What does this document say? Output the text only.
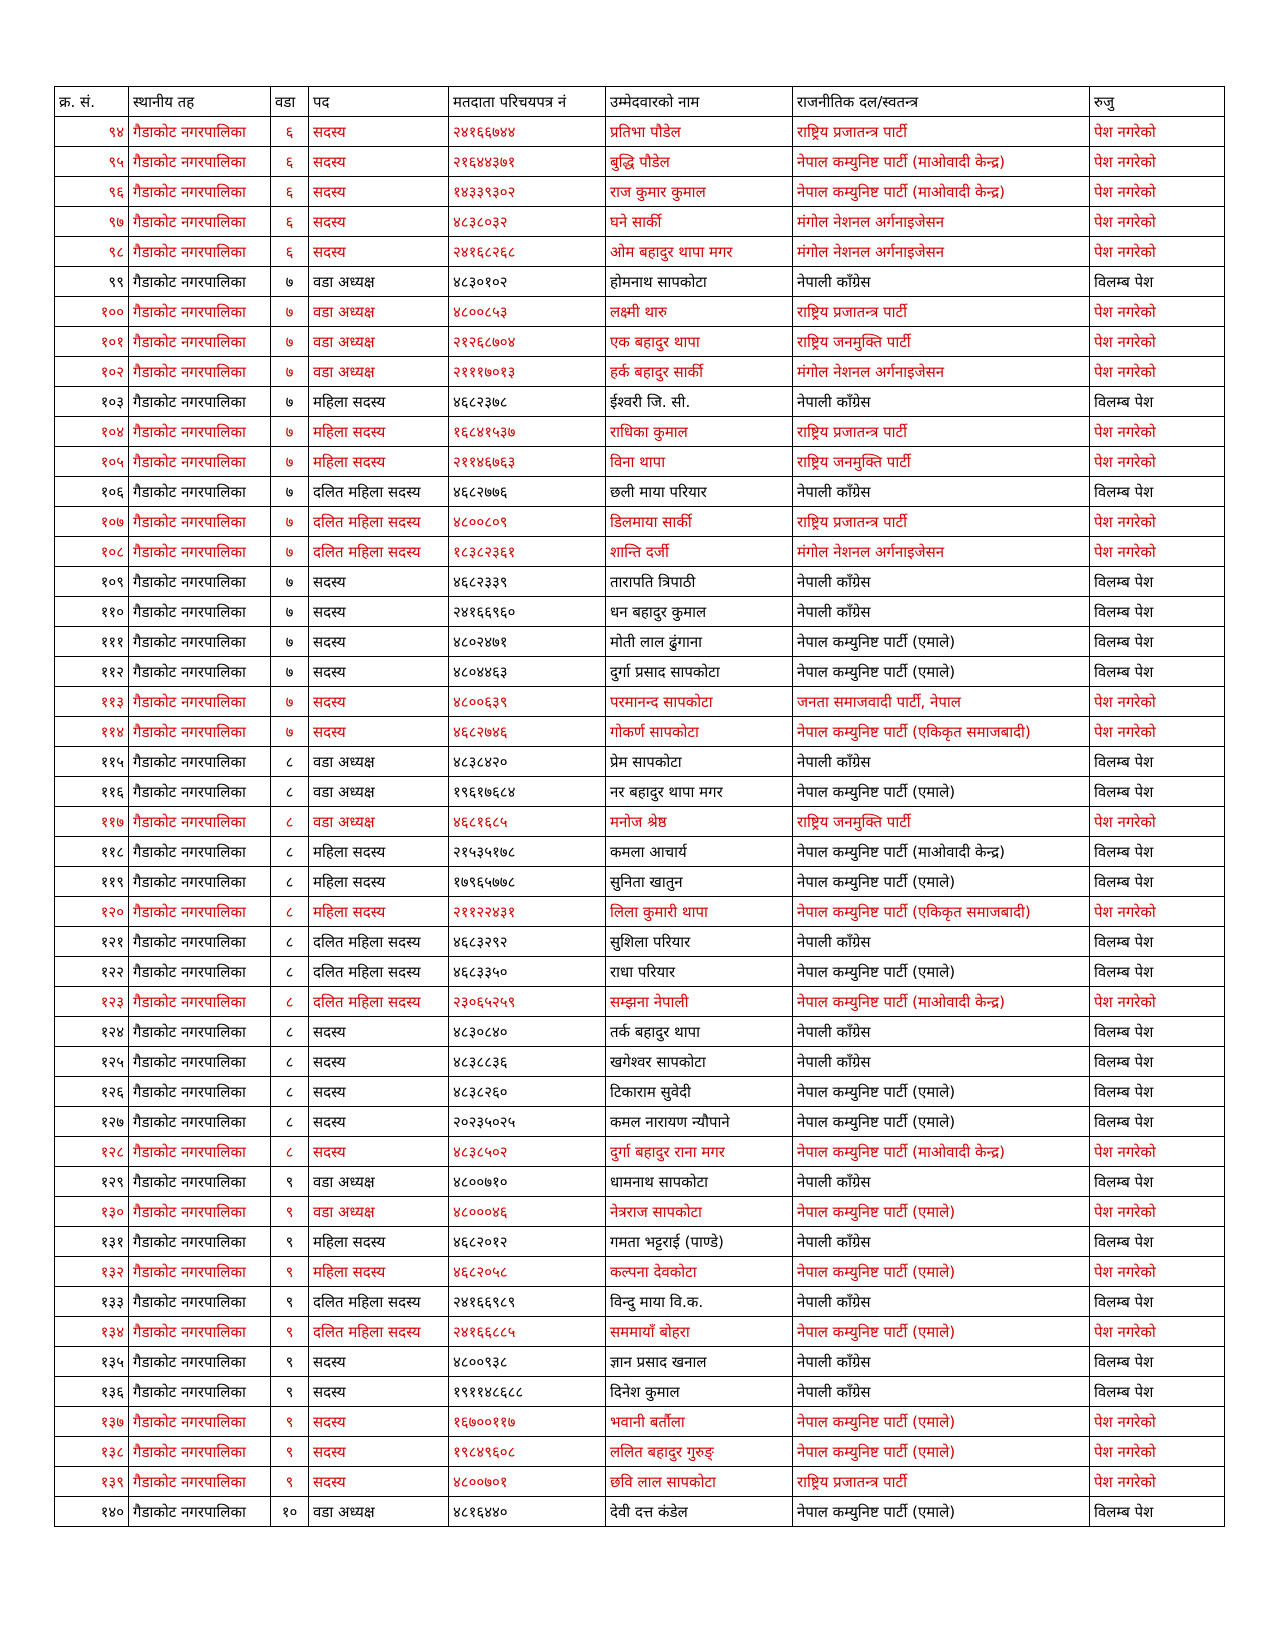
क्र. सं.	स्थानीय तह	वडा	पद	मतदाता परिचयपत्र नं	उम्मेदवारको नाम	राजनीतिक दल/स्वतन्त्र	रुजु
९४	गैडाकोट नगरपालिका	६	सदस्य	२४१६६७४४	प्रतिभा पौडेल	राष्ट्रिय प्रजातन्त्र पार्टी	पेश नगरेको
९५	गैडाकोट नगरपालिका	६	सदस्य	२१६४४३७१	बुद्धि पौडेल	नेपाल कम्युनिष्ट पार्टी (माओवादी केन्द्र)	पेश नगरेको
९६	गैडाकोट नगरपालिका	६	सदस्य	१४३३९३०२	राज कुमार कुमाल	नेपाल कम्युनिष्ट पार्टी (माओवादी केन्द्र)	पेश नगरेको
९७	गैडाकोट नगरपालिका	६	सदस्य	४८३८०३२	घने सार्की	मंगोल नेशनल अर्गनाइजेसन	पेश नगरेको
९८	गैडाकोट नगरपालिका	६	सदस्य	२४१६८२६८	ओम बहादुर थापा मगर	मंगोल नेशनल अर्गनाइजेसन	पेश नगरेको
९९	गैडाकोट नगरपालिका	७	वडा अध्यक्ष	४८३०१०२	होमनाथ सापकोटा	नेपाली काँग्रेस	विलम्ब पेश
१००	गैडाकोट नगरपालिका	७	वडा अध्यक्ष	४८००८५३	लक्ष्मी थारु	राष्ट्रिय प्रजातन्त्र पार्टी	पेश नगरेको
१०१	गैडाकोट नगरपालिका	७	वडा अध्यक्ष	२१२६८७०४	एक बहादुर थापा	राष्ट्रिय जनमुक्ति पार्टी	पेश नगरेको
१०२	गैडाकोट नगरपालिका	७	वडा अध्यक्ष	२१११७०१३	हर्क बहादुर सार्की	मंगोल नेशनल अर्गनाइजेसन	पेश नगरेको
१०३	गैडाकोट नगरपालिका	७	महिला सदस्य	४६८२३७८	ईश्वरी जि. सी.	नेपाली काँग्रेस	विलम्ब पेश
१०४	गैडाकोट नगरपालिका	७	महिला सदस्य	१६८४१५३७	राधिका कुमाल	राष्ट्रिय प्रजातन्त्र पार्टी	पेश नगरेको
१०५	गैडाकोट नगरपालिका	७	महिला सदस्य	२११४६७६३	विना थापा	राष्ट्रिय जनमुक्ति पार्टी	पेश नगरेको
१०६	गैडाकोट नगरपालिका	७	दलित महिला सदस्य	४६८२७७६	छली माया परियार	नेपाली काँग्रेस	विलम्ब पेश
१०७	गैडाकोट नगरपालिका	७	दलित महिला सदस्य	४८००८०९	डिलमाया सार्की	राष्ट्रिय प्रजातन्त्र पार्टी	पेश नगरेको
१०८	गैडाकोट नगरपालिका	७	दलित महिला सदस्य	१८३८२३६१	शान्ति दर्जी	मंगोल नेशनल अर्गनाइजेसन	पेश नगरेको
१०९	गैडाकोट नगरपालिका	७	सदस्य	४६८२३३९	तारापति त्रिपाठी	नेपाली काँग्रेस	विलम्ब पेश
११०	गैडाकोट नगरपालिका	७	सदस्य	२४१६६९६०	धन बहादुर कुमाल	नेपाली काँग्रेस	विलम्ब पेश
१११	गैडाकोट नगरपालिका	७	सदस्य	४८०२४७१	मोती लाल ढुंगाना	नेपाल कम्युनिष्ट पार्टी (एमाले)	विलम्ब पेश
११२	गैडाकोट नगरपालिका	७	सदस्य	४८०४४६३	दुर्गा प्रसाद सापकोटा	नेपाल कम्युनिष्ट पार्टी (एमाले)	विलम्ब पेश
११३	गैडाकोट नगरपालिका	७	सदस्य	४८००६३९	परमानन्द सापकोटा	जनता समाजवादी पार्टी, नेपाल	पेश नगरेको
११४	गैडाकोट नगरपालिका	७	सदस्य	४६८२७४६	गोकर्ण सापकोटा	नेपाल कम्युनिष्ट पार्टी (एकिकृत समाजबादी)	पेश नगरेको
११५	गैडाकोट नगरपालिका	८	वडा अध्यक्ष	४८३८४२०	प्रेम सापकोटा	नेपाली काँग्रेस	विलम्ब पेश
११६	गैडाकोट नगरपालिका	८	वडा अध्यक्ष	१९६१७६८४	नर बहादुर थापा मगर	नेपाल कम्युनिष्ट पार्टी (एमाले)	विलम्ब पेश
११७	गैडाकोट नगरपालिका	८	वडा अध्यक्ष	४६८१६८५	मनोज श्रेष्ठ	राष्ट्रिय जनमुक्ति पार्टी	पेश नगरेको
११८	गैडाकोट नगरपालिका	८	महिला सदस्य	२१५३५१७८	कमला आचार्य	नेपाल कम्युनिष्ट पार्टी (माओवादी केन्द्र)	विलम्ब पेश
११९	गैडाकोट नगरपालिका	८	महिला सदस्य	१७९६५७७८	सुनिता खातुन	नेपाल कम्युनिष्ट पार्टी (एमाले)	विलम्ब पेश
१२०	गैडाकोट नगरपालिका	८	महिला सदस्य	२११२२४३१	लिला कुमारी थापा	नेपाल कम्युनिष्ट पार्टी (एकिकृत समाजबादी)	पेश नगरेको
१२१	गैडाकोट नगरपालिका	८	दलित महिला सदस्य	४६८३२९२	सुशिला परियार	नेपाली काँग्रेस	विलम्ब पेश
१२२	गैडाकोट नगरपालिका	८	दलित महिला सदस्य	४६८३३५०	राधा परियार	नेपाल कम्युनिष्ट पार्टी (एमाले)	विलम्ब पेश
१२३	गैडाकोट नगरपालिका	८	दलित महिला सदस्य	२३०६५२५९	सम्झना नेपाली	नेपाल कम्युनिष्ट पार्टी (माओवादी केन्द्र)	पेश नगरेको
१२४	गैडाकोट नगरपालिका	८	सदस्य	४८३०८४०	तर्क बहादुर थापा	नेपाली काँग्रेस	विलम्ब पेश
१२५	गैडाकोट नगरपालिका	८	सदस्य	४८३८८३६	खगेश्वर सापकोटा	नेपाली काँग्रेस	विलम्ब पेश
१२६	गैडाकोट नगरपालिका	८	सदस्य	४८३८२६०	टिकाराम सुवेदी	नेपाल कम्युनिष्ट पार्टी (एमाले)	विलम्ब पेश
१२७	गैडाकोट नगरपालिका	८	सदस्य	२०२३५०२५	कमल नारायण न्यौपाने	नेपाल कम्युनिष्ट पार्टी (एमाले)	विलम्ब पेश
१२८	गैडाकोट नगरपालिका	८	सदस्य	४८३८५०२	दुर्गा बहादुर राना मगर	नेपाल कम्युनिष्ट पार्टी (माओवादी केन्द्र)	पेश नगरेको
१२९	गैडाकोट नगरपालिका	९	वडा अध्यक्ष	४८००७१०	धामनाथ सापकोटा	नेपाली काँग्रेस	विलम्ब पेश
१३०	गैडाकोट नगरपालिका	९	वडा अध्यक्ष	४८०००४६	नेत्रराज सापकोटा	नेपाल कम्युनिष्ट पार्टी (एमाले)	पेश नगरेको
१३१	गैडाकोट नगरपालिका	९	महिला सदस्य	४६८२०१२	गमता भट्टराई (पाण्डे)	नेपाली काँग्रेस	विलम्ब पेश
१३२	गैडाकोट नगरपालिका	९	महिला सदस्य	४६८२०५८	कल्पना देवकोटा	नेपाल कम्युनिष्ट पार्टी (एमाले)	पेश नगरेको
१३३	गैडाकोट नगरपालिका	९	दलित महिला सदस्य	२४१६६९८९	विन्दु माया वि.क.	नेपाली काँग्रेस	विलम्ब पेश
१३४	गैडाकोट नगरपालिका	९	दलित महिला सदस्य	२४१६६८८५	सममायाँ बोहरा	नेपाल कम्युनिष्ट पार्टी (एमाले)	पेश नगरेको
१३५	गैडाकोट नगरपालिका	९	सदस्य	४८००९३८	ज्ञान प्रसाद खनाल	नेपाली काँग्रेस	विलम्ब पेश
१३६	गैडाकोट नगरपालिका	९	सदस्य	१९११४८६८८	दिनेश कुमाल	नेपाली काँग्रेस	विलम्ब पेश
१३७	गैडाकोट नगरपालिका	९	सदस्य	१६७००११७	भवानी बर्तौला	नेपाल कम्युनिष्ट पार्टी (एमाले)	पेश नगरेको
१३८	गैडाकोट नगरपालिका	९	सदस्य	१९८४९६०८	ललित बहादुर गुरुङ्	नेपाल कम्युनिष्ट पार्टी (एमाले)	पेश नगरेको
१३९	गैडाकोट नगरपालिका	९	सदस्य	४८००७०१	छवि लाल सापकोटा	राष्ट्रिय प्रजातन्त्र पार्टी	पेश नगरेको
१४०	गैडाकोट नगरपालिका	१०	वडा अध्यक्ष	४८१६४४०	देवी दत्त कंडेल	नेपाल कम्युनिष्ट पार्टी (एमाले)	विलम्ब पेश
